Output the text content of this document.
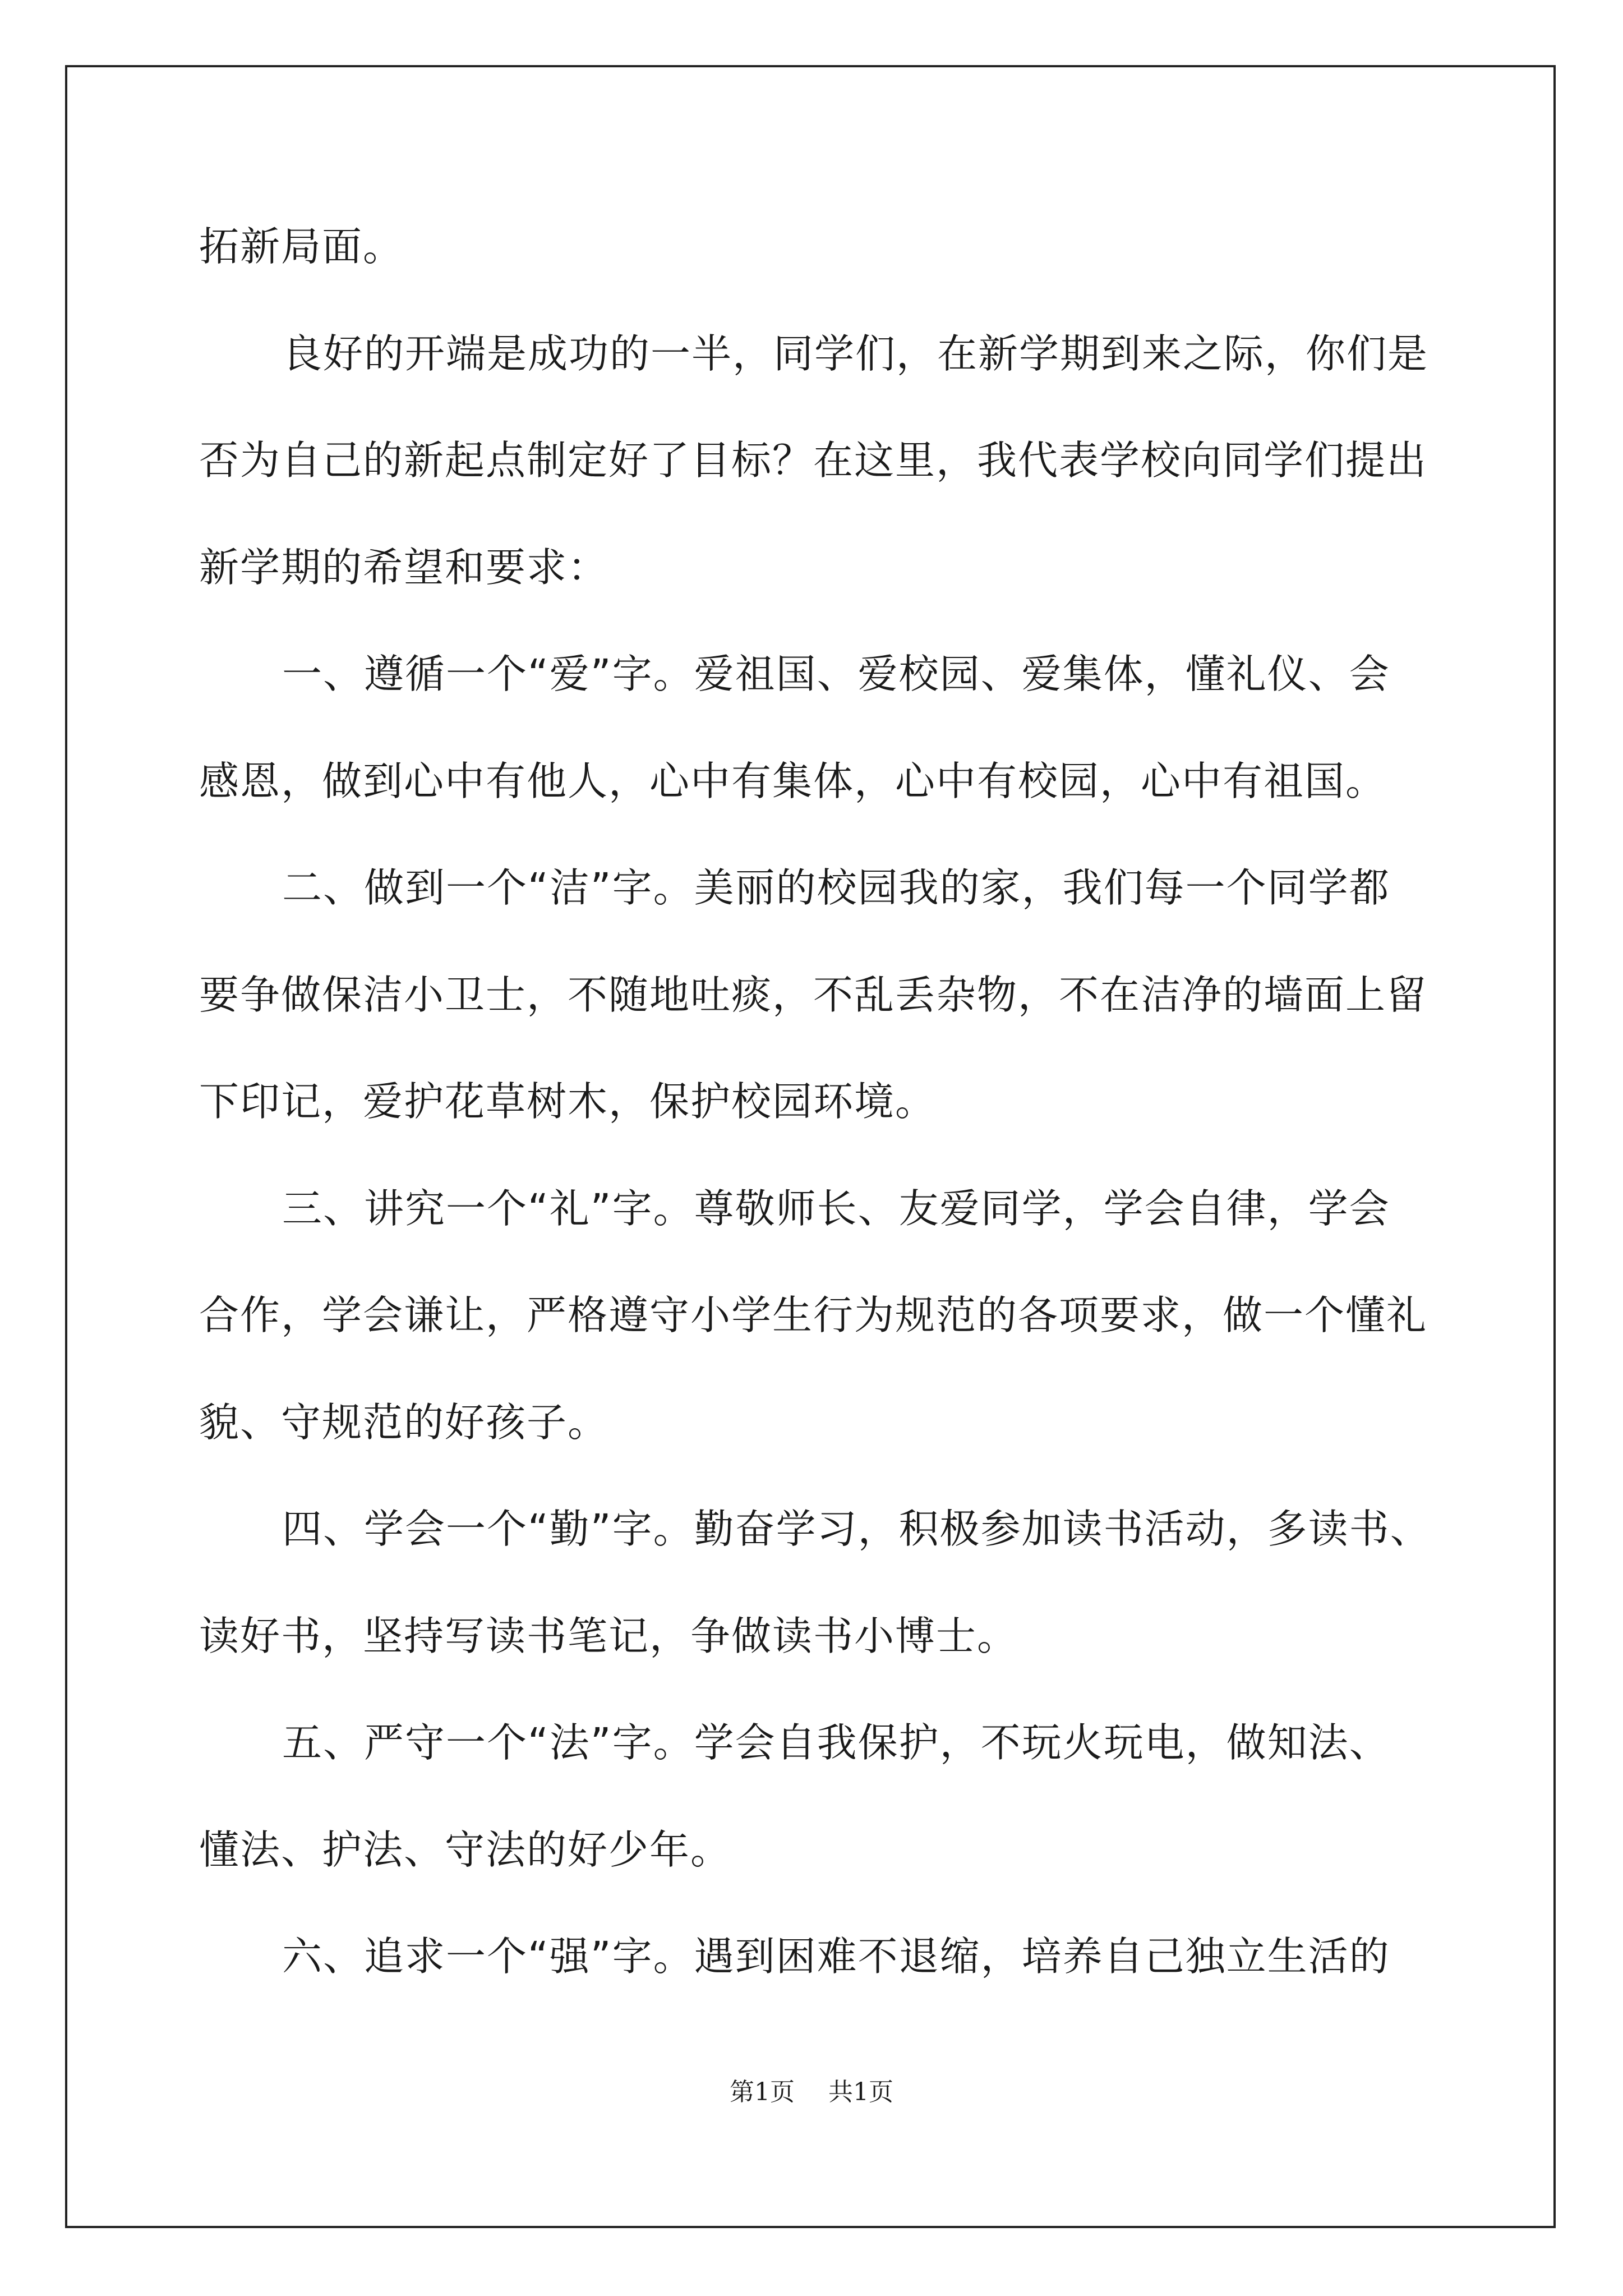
拓新局面。
良好的开端是成功的一半，同学们，在新学期到来之际，你们是
否为自己的新起点制定好了目标？在这里，我代表学校向同学们提出
新学期的希望和要求：
一、遵循一个“爱”字。爱祖国、爱校园、爱集体，懂礼仪、会
感恩，做到心中有他人，心中有集体，心中有校园，心中有祖国。
二、做到一个“洁”字。美丽的校园我的家，我们每一个同学都
要争做保洁小卫士，不随地吐痰，不乱丢杂物，不在洁净的墙面上留
下印记，爱护花草树木，保护校园环境。
三、讲究一个“礼”字。尊敬师长、友爱同学，学会自律，学会
合作，学会谦让，严格遵守小学生行为规范的各项要求，做一个懂礼
貌、守规范的好孩子。
四、学会一个“勤”字。勤奋学习，积极参加读书活动，多读书、
读好书，坚持写读书笔记，争做读书小博士。
五、严守一个“法”字。学会自我保护，不玩火玩电，做知法、
懂法、护法、守法的好少年。
六、追求一个“强”字。遇到困难不退缩，培养自己独立生活的
第1页 共1页
